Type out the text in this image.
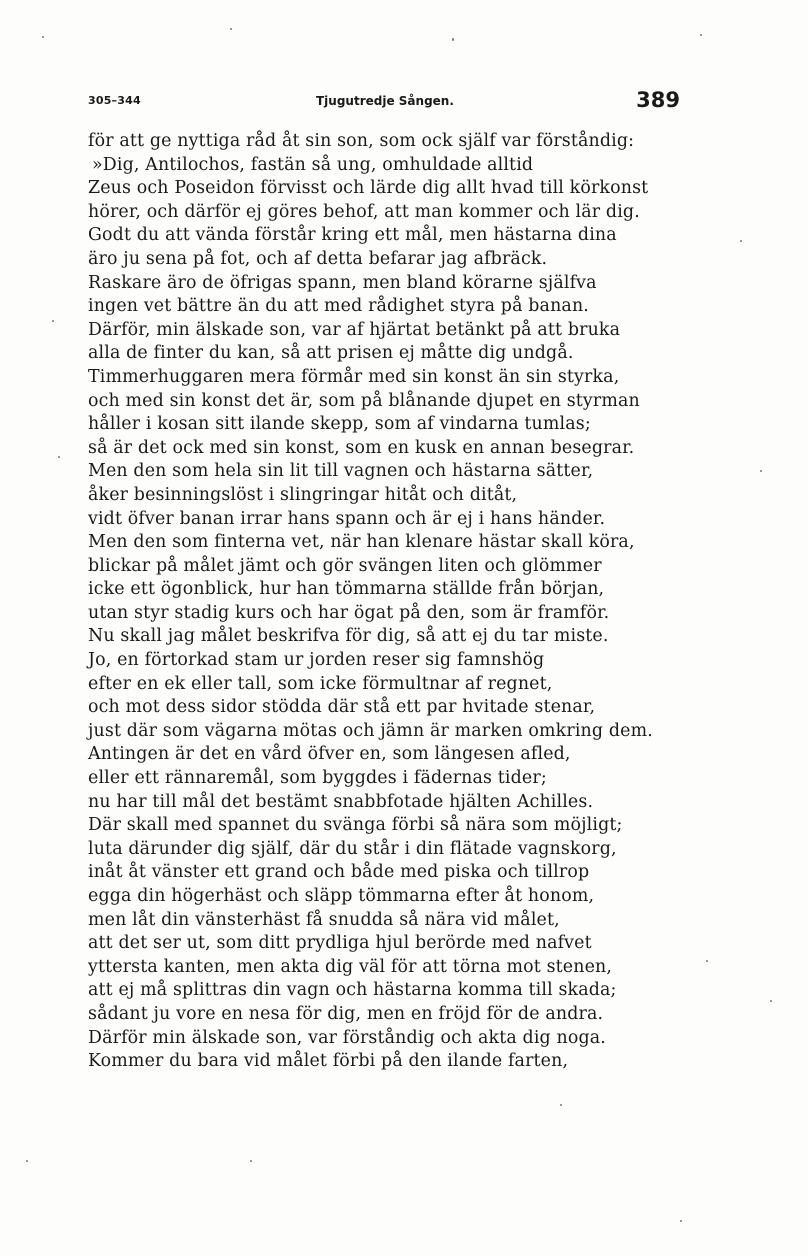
305–344	Tjugutredje Sången.	389
för att ge nyttiga råd åt sin son, som ock själf var förståndig:
»Dig, Antilochos, fastän så ung, omhuldade alltid
Zeus och Poseidon förvisst och lärde dig allt hvad till körkonst
hörer, och därför ej göres behof, att man kommer och lär dig.
Godt du att vända förstår kring ett mål, men hästarna dina
äro ju sena på fot, och af detta befarar jag afbräck.
Raskare äro de öfrigas spann, men bland körarne själfva
ingen vet bättre än du att med rådighet styra på banan.
Därför, min älskade son, var af hjärtat betänkt på att bruka
alla de finter du kan, så att prisen ej måtte dig undgå.
Timmerhuggaren mera förmår med sin konst än sin styrka,
och med sin konst det är, som på blånande djupet en styrman
håller i kosan sitt ilande skepp, som af vindarna tumlas;
så är det ock med sin konst, som en kusk en annan besegrar.
Men den som hela sin lit till vagnen och hästarna sätter,
åker besinningslöst i slingringar hitåt och ditåt,
vidt öfver banan irrar hans spann och är ej i hans händer.
Men den som finterna vet, när han klenare hästar skall köra,
blickar på målet jämt och gör svängen liten och glömmer
icke ett ögonblick, hur han tömmarna ställde från början,
utan styr stadig kurs och har ögat på den, som är framför.
Nu skall jag målet beskrifva för dig, så att ej du tar miste.
Jo, en förtorkad stam ur jorden reser sig famnshög
efter en ek eller tall, som icke förmultnar af regnet,
och mot dess sidor stödda där stå ett par hvitade stenar,
just där som vägarna mötas och jämn är marken omkring dem.
Antingen är det en vård öfver en, som längesen afled,
eller ett rännaremål, som byggdes i fädernas tider;
nu har till mål det bestämt snabbfotade hjälten Achilles.
Där skall med spannet du svänga förbi så nära som möjligt;
luta därunder dig själf, där du står i din flätade vagnskorg,
inåt åt vänster ett grand och både med piska och tillrop
egga din högerhäst och släpp tömmarna efter åt honom,
men låt din vänsterhäst få snudda så nära vid målet,
att det ser ut, som ditt prydliga hjul berörde med nafvet
yttersta kanten, men akta dig väl för att törna mot stenen,
att ej må splittras din vagn och hästarna komma till skada;
sådant ju vore en nesa för dig, men en fröjd för de andra.
Därför min älskade son, var förståndig och akta dig noga.
Kommer du bara vid målet förbi på den ilande farten,
